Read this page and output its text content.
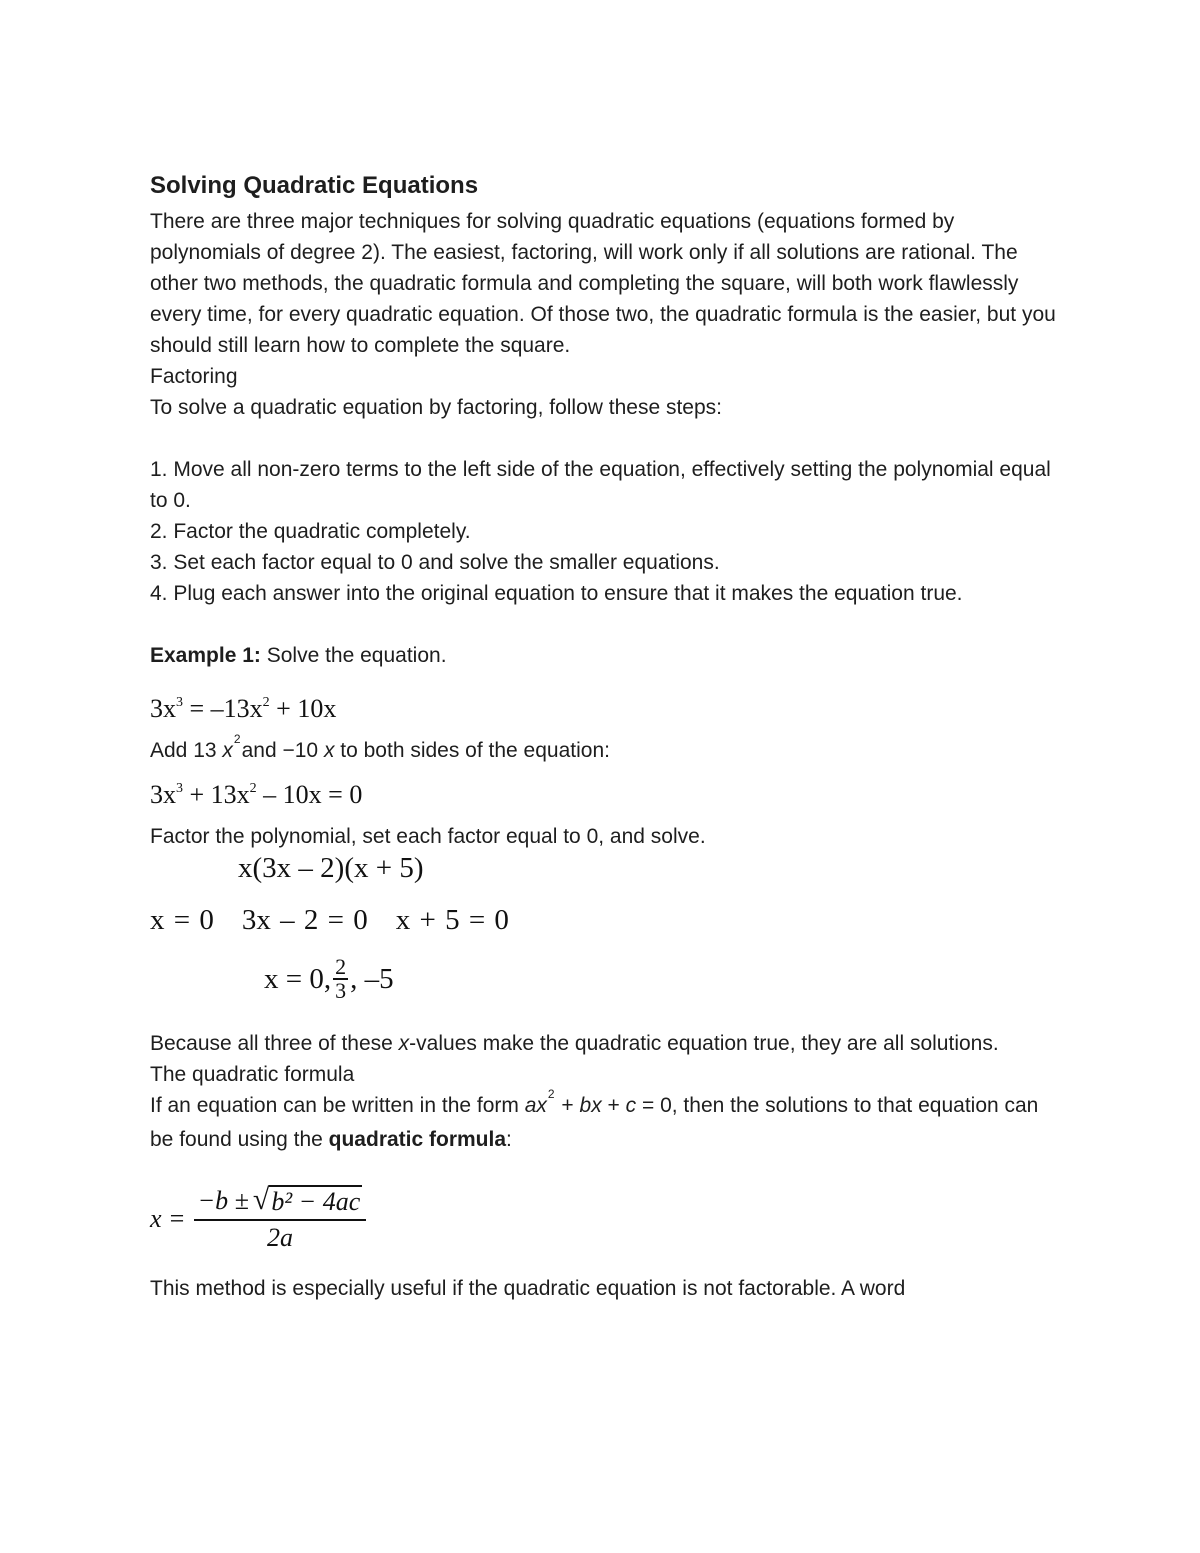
Solving Quadratic Equations

There are three major techniques for solving quadratic equations (equations formed by polynomials of degree 2). The easiest, factoring, will work only if all solutions are rational. The other two methods, the quadratic formula and completing the square, will both work flawlessly every time, for every quadratic equation. Of those two, the quadratic formula is the easier, but you should still learn how to complete the square.

Factoring

To solve a quadratic equation by factoring, follow these steps:

1. Move all non-zero terms to the left side of the equation, effectively setting the polynomial equal to 0.

2. Factor the quadratic completely.

3. Set each factor equal to 0 and solve the smaller equations.

4. Plug each answer into the original equation to ensure that it makes the equation true.

Example 1: Solve the equation.

$3x^3 = -13x^2 + 10x$

Add 13 $x^2and -10$ x to both sides of the equation:

$3x^3 + 13x^2 - 10x = 0$

Factor the polynomial, set each factor equal to 0, and solve.

x(3x – 2)(x + 5)
x = 0 3x – 2 = 0 x + 5 = 0
x = 0, $\frac{2}{3}$ , –5

Because all three of these x-values make the quadratic equation true, they are all solutions.

The quadratic formula

If an equation can be written in the form $ax^2$ + bx + c = 0, then the solutions to that equation can be found using the quadratic formula:

$x = \frac{\text{−b ± √ b² − 4ac}}{2a}$

This method is especially useful if the quadratic equation is not factorable. A word
